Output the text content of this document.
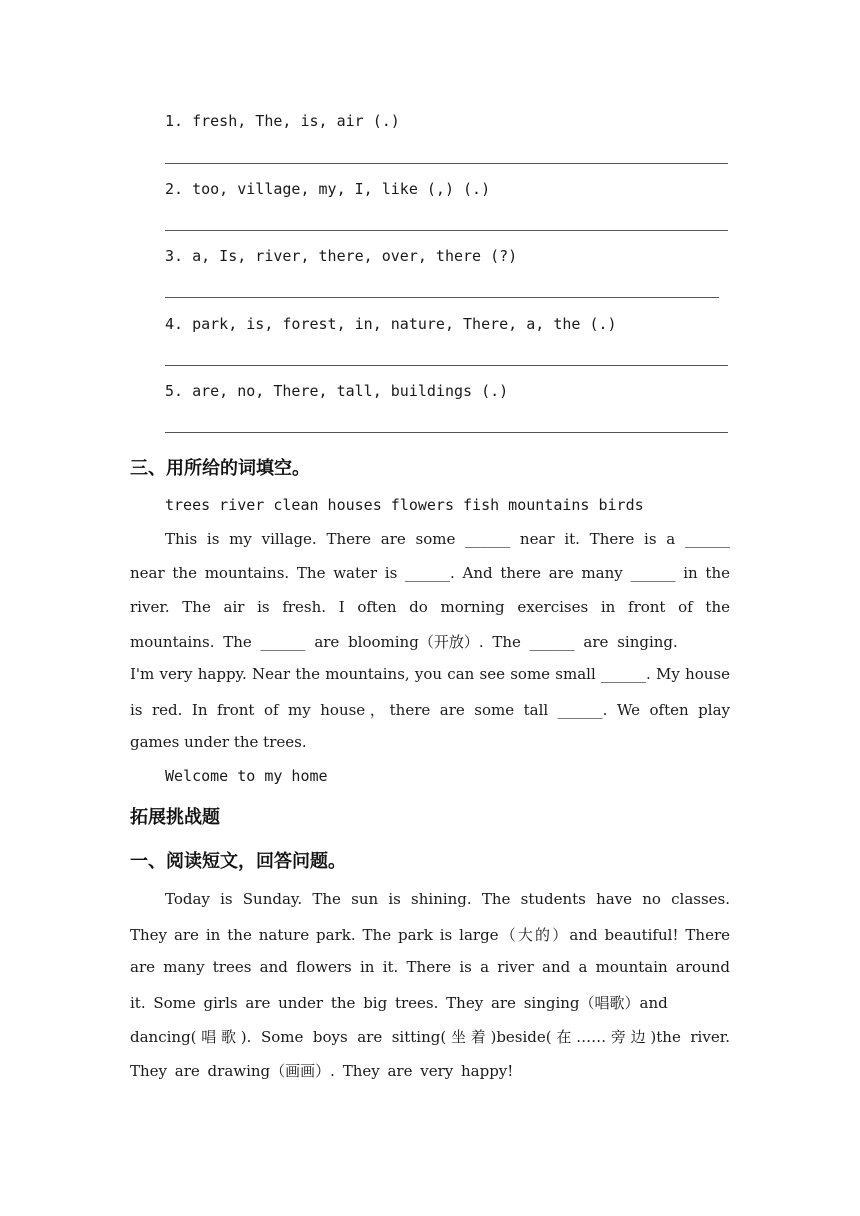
1. fresh, The, is, air (.)
2. too, village, my, I, like (,) (.)
3. a, Is, river, there, over, there (?)
4. park, is, forest, in, nature, There, a, the (.)
5. are, no, There, tall, buildings (.)
三、用所给的词填空。
trees river clean houses flowers fish mountains birds
This is my village. There are some ______ near it. There is a ______
near the mountains. The water is ______. And there are many ______ in the
river. The air is fresh. I often do morning exercises in front of the
mountains. The ______ are blooming（开放）. The ______ are singing.
I'm very happy. Near the mountains, you can see some small ______. My house
is red. In front of my house，there are some tall ______. We often play
games under the trees.
Welcome to my home
拓展挑战题
一、阅读短文，回答问题。
Today is Sunday. The sun is shining. The students have no classes.
They are in the nature park. The park is large（大的）and beautiful! There
are many trees and flowers in it. There is a river and a mountain around
it. Some girls are under the big trees. They are singing（唱歌）and
dancing(唱歌). Some boys are sitting(坐着)beside(在……旁边)the river.
They are drawing（画画）. They are very happy!
